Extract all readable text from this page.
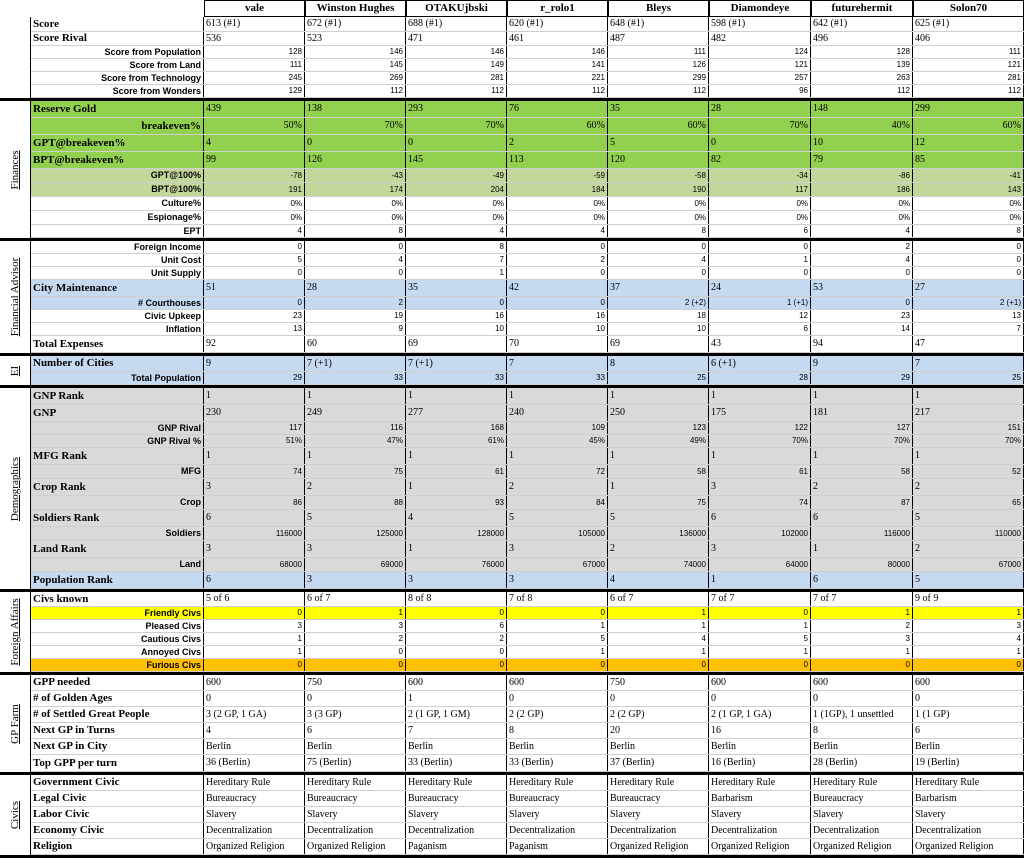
vale	Winston Hughes	OTAKUjbski	r_rolo1	Bleys	Diamondeye	futurehermit	Solon70
Score	613 (#1)	672 (#1)	688 (#1)	620 (#1)	648 (#1)	598 (#1)	642 (#1)	625 (#1)
Score Rival	536	523	471	461	487	482	496	406
Score from Population	128	146	146	146	111	124	128	111
Score from Land	111	145	149	141	126	121	139	121
Score from Technology	245	269	281	221	299	257	263	281
Score from Wonders	129	112	112	112	112	96	112	112
Finances
Reserve Gold	439	138	293	76	35	28	148	299
breakeven%	50%	70%	70%	60%	60%	70%	40%	60%
GPT@breakeven%	4	0	0	2	5	0	10	12
BPT@breakeven%	99	126	145	113	120	82	79	85
GPT@100%	-78	-43	-49	-59	-58	-34	-86	-41
BPT@100%	191	174	204	184	190	117	186	143
Culture%	0%	0%	0%	0%	0%	0%	0%	0%
Espionage%	0%	0%	0%	0%	0%	0%	0%	0%
EPT	4	8	4	4	8	6	4	8
Financial Advisor
Foreign Income	0	0	8	0	0	0	2	0
Unit Cost	5	4	7	2	4	1	4	0
Unit Supply	0	0	1	0	0	0	0	0
City Maintenance	51	28	35	42	37	24	53	27
# Courthouses	0	2	0	0	2 (+2)	1 (+1)	0	2 (+1)
Civic Upkeep	23	19	16	16	18	12	23	13
Inflation	13	9	10	10	10	6	14	7
Total Expenses	92	60	69	70	69	43	94	47
EI
Number of Cities	9	7 (+1)	7 (+1)	7	8	6 (+1)	9	7
Total Population	29	33	33	33	25	28	29	25
Demographics
GNP Rank	1	1	1	1	1	1	1	1
GNP	230	249	277	240	250	175	181	217
GNP Rival	117	116	168	109	123	122	127	151
GNP Rival %	51%	47%	61%	45%	49%	70%	70%	70%
MFG Rank	1	1	1	1	1	1	1	1
MFG	74	75	61	72	58	61	58	52
Crop Rank	3	2	1	2	1	3	2	2
Crop	86	88	93	84	75	74	87	65
Soldiers Rank	6	5	4	5	5	6	6	5
Soldiers	116000	125000	128000	105000	136000	102000	116000	110000
Land Rank	3	3	1	3	2	3	1	2
Land	68000	69000	76000	67000	74000	64000	80000	67000
Population Rank	6	3	3	3	4	1	6	5
Foreign Affairs Civs known	5 of 6	6 of 7	8 of 8	7 of 8	6 of 7	7 of 7	7 of 7	9 of 9
Friendly Civs	0	1	0	0	1	0	1	1
Pleased Civs	3	3	6	1	1	1	2	3
Cautious Civs	1	2	2	5	4	5	3	4
Annoyed Civs	1	0	0	1	1	1	1	1
Furious Civs	0	0	0	0	0	0	0	0
GP Farm
GPP needed	600	750	600	600	750	600	600	600
# of Golden Ages	0	0	1	0	0	0	0	0
# of Settled Great People	3 (2 GP, 1 GA)	3 (3 GP)	2 (1 GP, 1 GM)	2 (2 GP)	2 (2 GP)	2 (1 GP, 1 GA)	1 (1GP), 1 unsettled	1 (1 GP)
Next GP in Turns	4	6	7	8	20	16	8	6
Next GP in City	Berlin	Berlin	Berlin	Berlin	Berlin	Berlin	Berlin	Berlin
Top GPP per turn	36 (Berlin)	75 (Berlin)	33 (Berlin)	33 (Berlin)	37 (Berlin)	16 (Berlin)	28 (Berlin)	19 (Berlin)
Civics
Government Civic	Hereditary Rule	Hereditary Rule	Hereditary Rule	Hereditary Rule	Hereditary Rule	Hereditary Rule	Hereditary Rule	Hereditary Rule
Legal Civic	Bureaucracy	Bureaucracy	Bureaucracy	Bureaucracy	Bureaucracy	Barbarism	Bureaucracy	Barbarism
Labor Civic	Slavery	Slavery	Slavery	Slavery	Slavery	Slavery	Slavery	Slavery
Economy Civic	Decentralization	Decentralization	Decentralization	Decentralization	Decentralization	Decentralization	Decentralization	Decentralization
Religion	Organized Religion	Organized Religion	Paganism	Paganism	Organized Religion	Organized Religion	Organized Religion	Organized Religion
